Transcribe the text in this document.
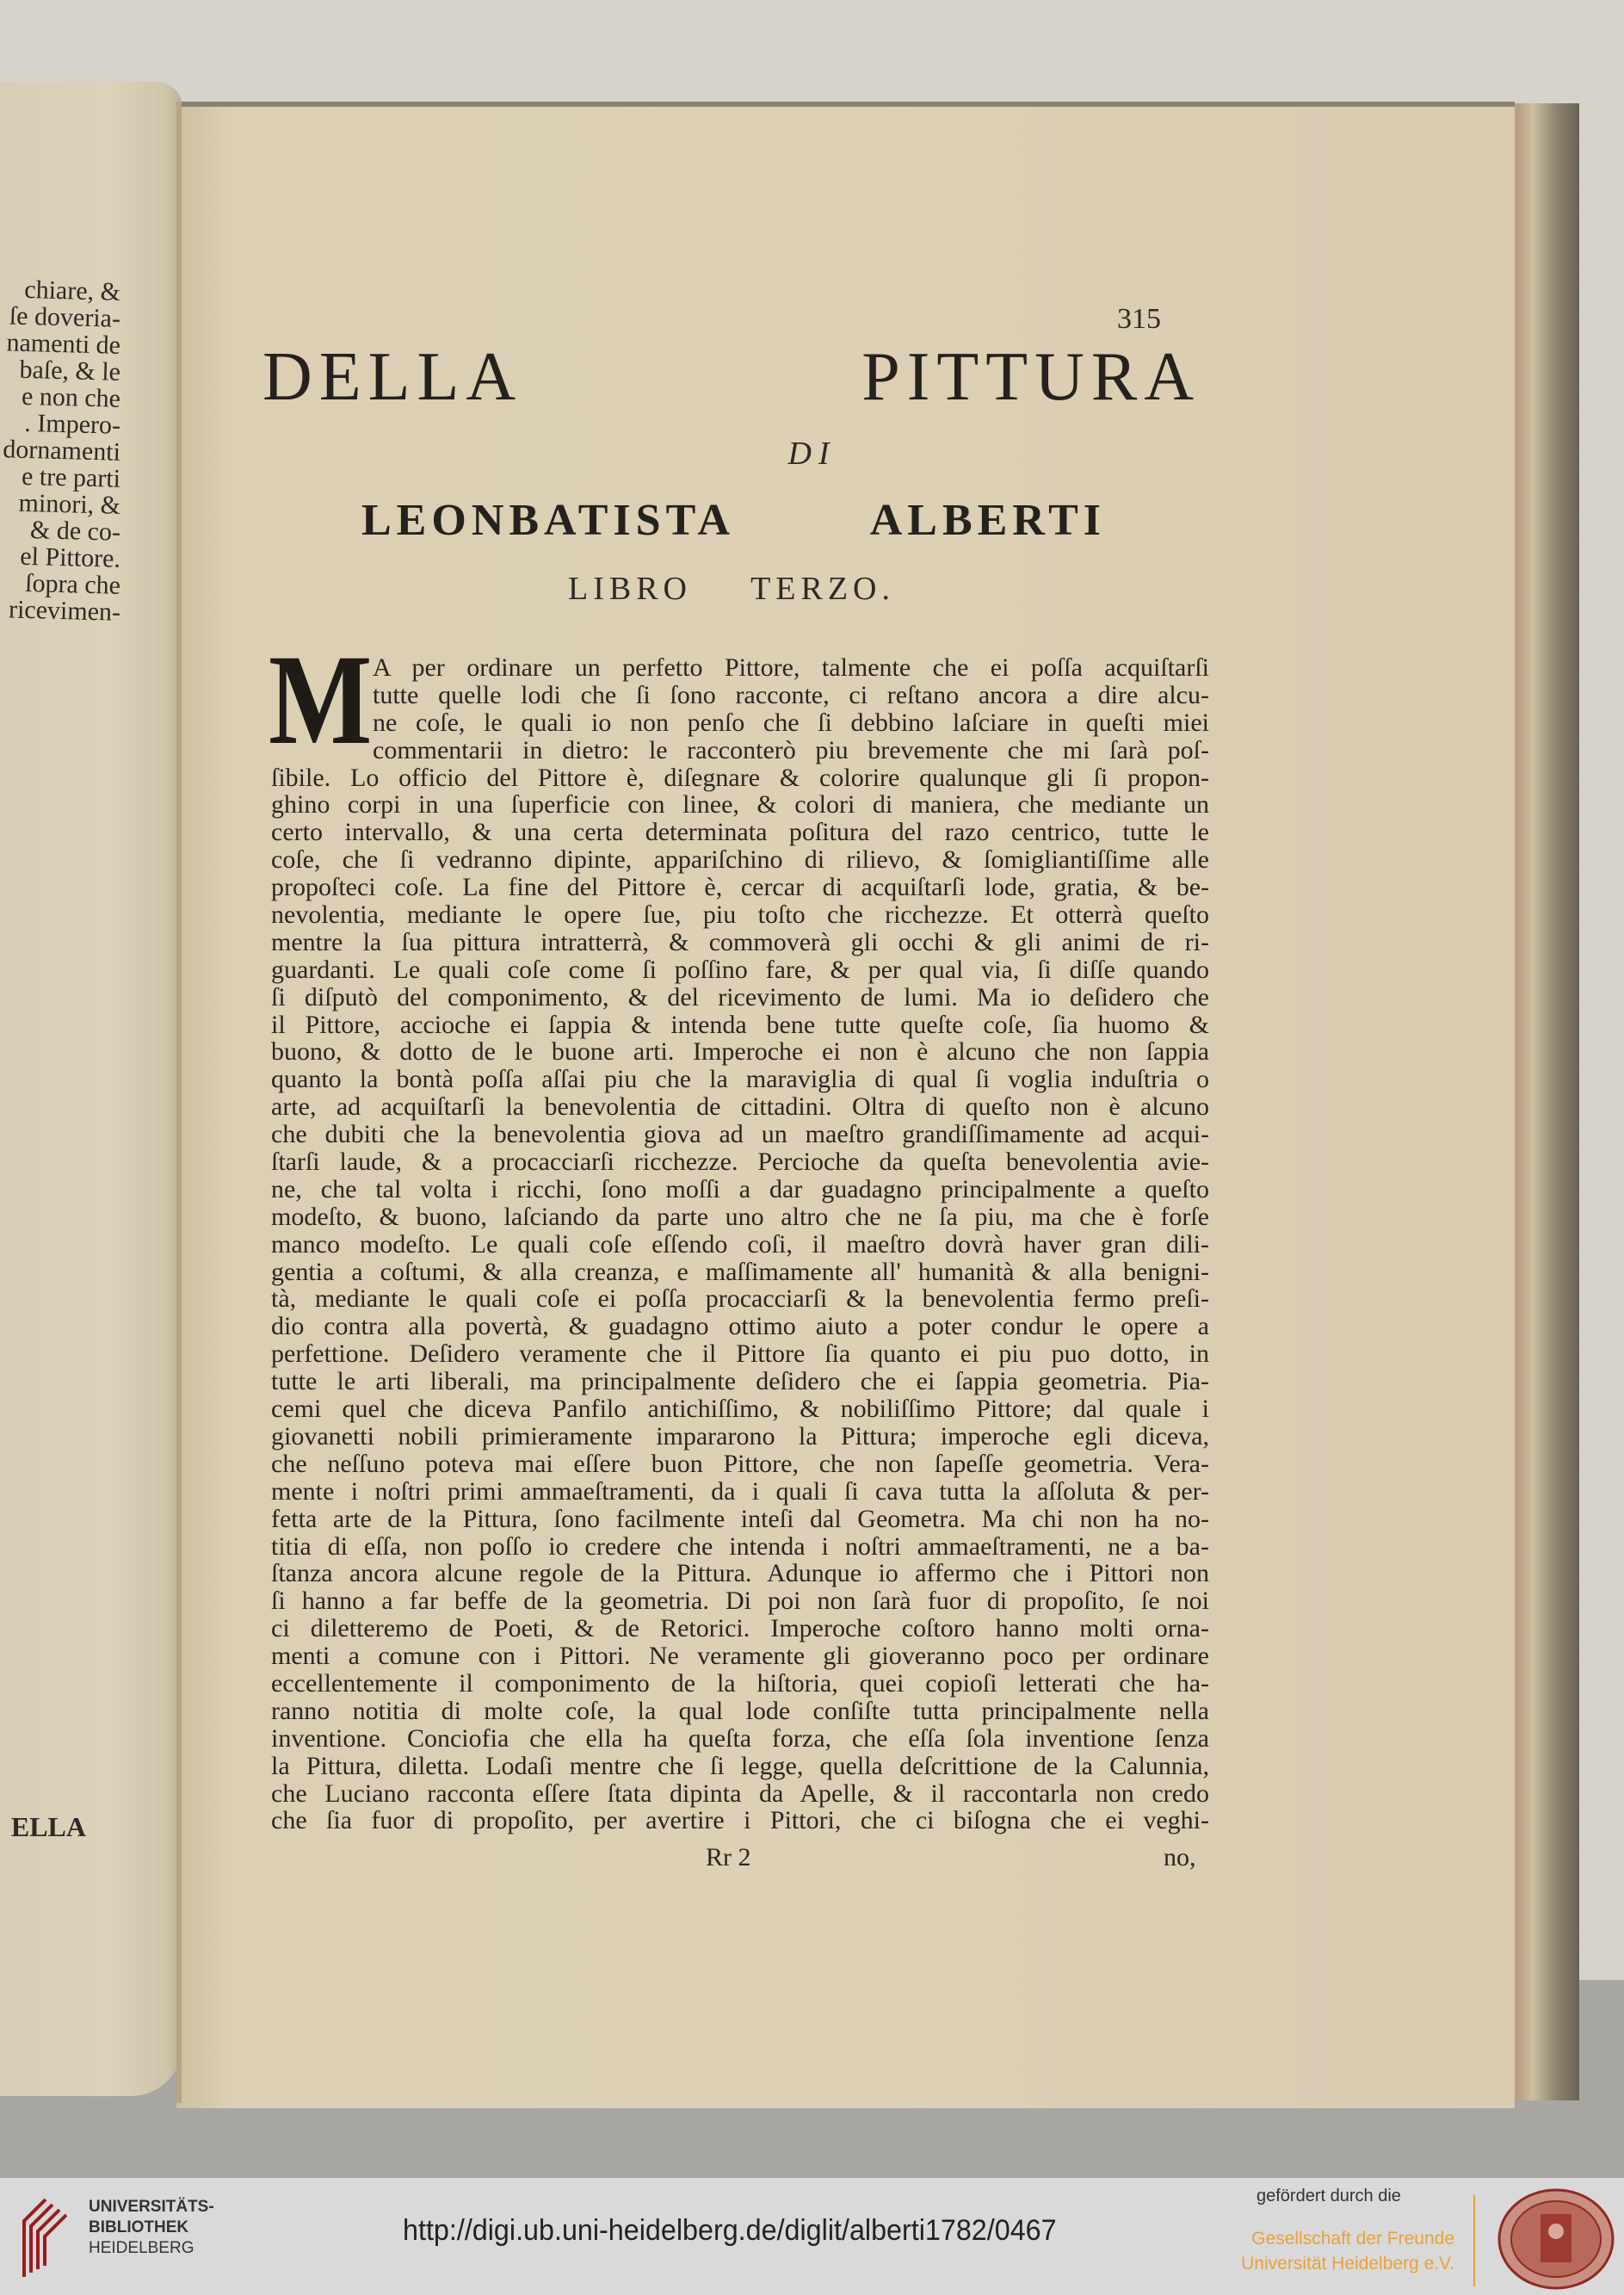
chiare, &
ſe doveria-
namenti de
baſe, & le
e non che
. Impero-
dornamenti
e tre parti
minori, &
& de co-
el Pittore.
ſopra che
ricevimen-
ELLA
315
DELLA PITTURA
DI
LEONBATISTA ALBERTI
LIBRO TERZO.
M A per ordinare un perfetto Pittore, talmente che ei poſſa acquiſtarſi
tutte quelle lodi che ſi ſono racconte, ci reſtano ancora a dire alcu-
ne coſe, le quali io non penſo che ſi debbino laſciare in queſti miei
commentarii in dietro: le racconterò piu brevemente che mi ſarà poſ-
ſibile. Lo officio del Pittore è, diſegnare & colorire qualunque gli ſi propon-
ghino corpi in una ſuperficie con linee, & colori di maniera, che mediante un
certo intervallo, & una certa determinata poſitura del razo centrico, tutte le
coſe, che ſi vedranno dipinte, appariſchino di rilievo, & ſomigliantiſſime alle
propoſteci coſe. La fine del Pittore è, cercar di acquiſtarſi lode, gratia, & be-
nevolentia, mediante le opere ſue, piu toſto che ricchezze. Et otterrà queſto
mentre la ſua pittura intratterrà, & commoverà gli occhi & gli animi de ri-
guardanti. Le quali coſe come ſi poſſino fare, & per qual via, ſi diſſe quando
ſi diſputò del componimento, & del ricevimento de lumi. Ma io deſidero che
il Pittore, accioche ei ſappia & intenda bene tutte queſte coſe, ſia huomo &
buono, & dotto de le buone arti. Imperoche ei non è alcuno che non ſappia
quanto la bontà poſſa aſſai piu che la maraviglia di qual ſi voglia induſtria o
arte, ad acquiſtarſi la benevolentia de cittadini. Oltra di queſto non è alcuno
che dubiti che la benevolentia giova ad un maeſtro grandiſſimamente ad acqui-
ſtarſi laude, & a procacciarſi ricchezze. Percioche da queſta benevolentia avie-
ne, che tal volta i ricchi, ſono moſſi a dar guadagno principalmente a queſto
modeſto, & buono, laſciando da parte uno altro che ne ſa piu, ma che è forſe
manco modeſto. Le quali coſe eſſendo coſi, il maeſtro dovrà haver gran dili-
gentia a coſtumi, & alla creanza, e maſſimamente all' humanità & alla benigni-
tà, mediante le quali coſe ei poſſa procacciarſi & la benevolentia fermo preſi-
dio contra alla povertà, & guadagno ottimo aiuto a poter condur le opere a
perfettione. Deſidero veramente che il Pittore ſia quanto ei piu puo dotto, in
tutte le arti liberali, ma principalmente deſidero che ei ſappia geometria. Pia-
cemi quel che diceva Panfilo antichiſſimo, & nobiliſſimo Pittore; dal quale i
giovanetti nobili primieramente impararono la Pittura; imperoche egli diceva,
che neſſuno poteva mai eſſere buon Pittore, che non ſapeſſe geometria. Vera-
mente i noſtri primi ammaeſtramenti, da i quali ſi cava tutta la aſſoluta & per-
fetta arte de la Pittura, ſono facilmente inteſi dal Geometra. Ma chi non ha no-
titia di eſſa, non poſſo io credere che intenda i noſtri ammaeſtramenti, ne a ba-
ſtanza ancora alcune regole de la Pittura. Adunque io affermo che i Pittori non
ſi hanno a far beffe de la geometria. Di poi non ſarà fuor di propoſito, ſe noi
ci diletteremo de Poeti, & de Retorici. Imperoche coſtoro hanno molti orna-
menti a comune con i Pittori. Ne veramente gli gioveranno poco per ordinare
eccellentemente il componimento de la hiſtoria, quei copioſi letterati che ha-
ranno notitia di molte coſe, la qual lode conſiſte tutta principalmente nella
inventione. Conciofia che ella ha queſta forza, che eſſa ſola inventione ſenza
la Pittura, diletta. Lodaſi mentre che ſi legge, quella deſcrittione de la Calunnia,
che Luciano racconta eſſere ſtata dipinta da Apelle, & il raccontarla non credo
che ſia fuor di propoſito, per avertire i Pittori, che ci biſogna che ei veghi-
Rr 2	no,
UNIVERSITÄTS-
BIBLIOTHEK
HEIDELBERG
http://digi.ub.uni-heidelberg.de/diglit/alberti1782/0467
gefördert durch die
Gesellschaft der Freunde
Universität Heidelberg e.V.
